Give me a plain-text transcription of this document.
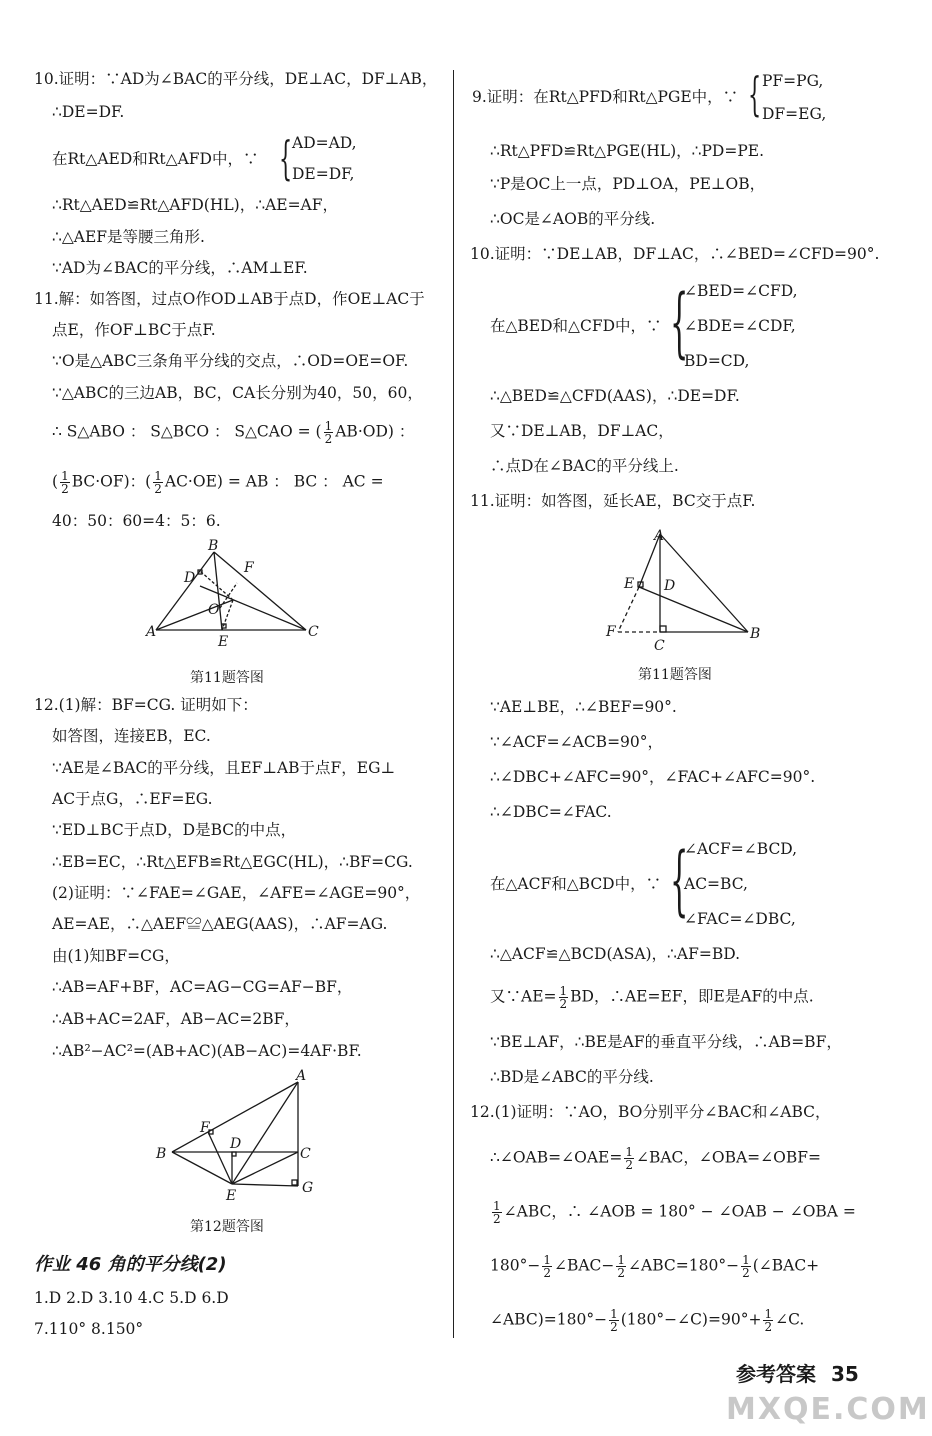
10.证明：∵AD为∠BAC的平分线，DE⊥AC，DF⊥AB，
∴DE=DF.
在Rt△AED和Rt△AFD中，∵ { AD=AD,
DE=DF,
∴Rt△AED≌Rt△AFD(HL)，∴AE=AF，
∴△AEF是等腰三角形.
∵AD为∠BAC的平分线，∴AM⊥EF.
11.解：如答图，过点O作OD⊥AB于点D，作OE⊥AC于
点E，作OF⊥BC于点F.
∵O是△ABC三条角平分线的交点，∴OD=OE=OF.
∵△ABC的三边AB，BC，CA长分别为40，50，60，
∴ S△ABO ： S△BCO ： S△CAO = ( $\frac{1}{2} AB\cdot OD$) ：
( $\frac{1}{2} BC\cdot OF$)：( $\frac{1}{2} AC\cdot OE$) = AB ： BC ： AC =
40：50：60=4：5：6.
B
D
F
O
A
E
C
第11题答图
12.(1)解：BF=CG. 证明如下：
如答图，连接EB，EC.
∵AE是∠BAC的平分线，且EF⊥AB于点F，EG⊥
AC于点G，∴EF=EG.
∵ED⊥BC于点D，D是BC的中点，
∴EB=EC，∴Rt△EFB≌Rt△EGC(HL)，∴BF=CG.
(2)证明：∵∠FAE=∠GAE，∠AFE=∠AGE=90°，
AE=AE，∴△AEF≌△AEG(AAS)，∴AF=AG.
由(1)知BF=CG，
∴AB=AF+BF，AC=AG−CG=AF−BF，
∴AB+AC=2AF，AB−AC=2BF，
∴AB²−AC²=(AB+AC)(AB−AC)=4AF·BF.
F
A
D
B	C
G
E
第12题答图
作业 46 角的平分线(2)
1.D 2.D 3.10 4.C 5.D 6.D
7.110° 8.150°
9.证明：在Rt△PFD和Rt△PGE中，∵ { PF=PG,
DF=EG,
∴Rt△PFD≌Rt△PGE(HL)，∴PD=PE.
∵P是OC上一点，PD⊥OA，PE⊥OB，
∴OC是∠AOB的平分线.
10.证明：∵DE⊥AB，DF⊥AC，∴∠BED=∠CFD=90°.
在△BED和△CFD中，∵ {
∠BED=∠CFD,
∠BDE=∠CDF,
BD=CD,
∴△BED≌△CFD(AAS)，∴DE=DF.
又∵DE⊥AB，DF⊥AC，
∴点D在∠BAC的平分线上.
11.证明：如答图，延长AE，BC交于点F.
A
E D
F
C
B
第11题答图
∵AE⊥BE，∴∠BEF=90°.
∵∠ACF=∠ACB=90°，
∴∠DBC+∠AFC=90°，∠FAC+∠AFC=90°.
∴∠DBC=∠FAC.
在△ACF和△BCD中，∵ {
∠ACF=∠BCD,
AC=BC,
∠FAC=∠DBC,
∴△ACF≌△BCD(ASA)，∴AF=BD.
又∵AE= $\frac{1}{2}$ BD，∴AE=EF，即E是AF的中点.
∵BE⊥AF，∴BE是AF的垂直平分线，∴AB=BF，
∴BD是∠ABC的平分线.
12.(1)证明：∵AO，BO分别平分∠BAC和∠ABC，
∴∠OAB=∠OAE= $\frac{1}{2}$ ∠BAC，∠OBA=∠OBF=
$\frac{1}{2}$ ∠ABC，∴ ∠AOB = 180° − ∠OAB − ∠OBA =
$180^\circ- \frac{1}{2}$ ∠BAC− $\frac{1}{2}$ ∠ABC=180°− $\frac{1}{2}$ (∠BAC+
∠ABC)=180°− $\frac{1}{2}$ (180°−∠C)=90°+ $\frac{1}{2}$ ∠C.
参考答案 35
MXQE.COM
